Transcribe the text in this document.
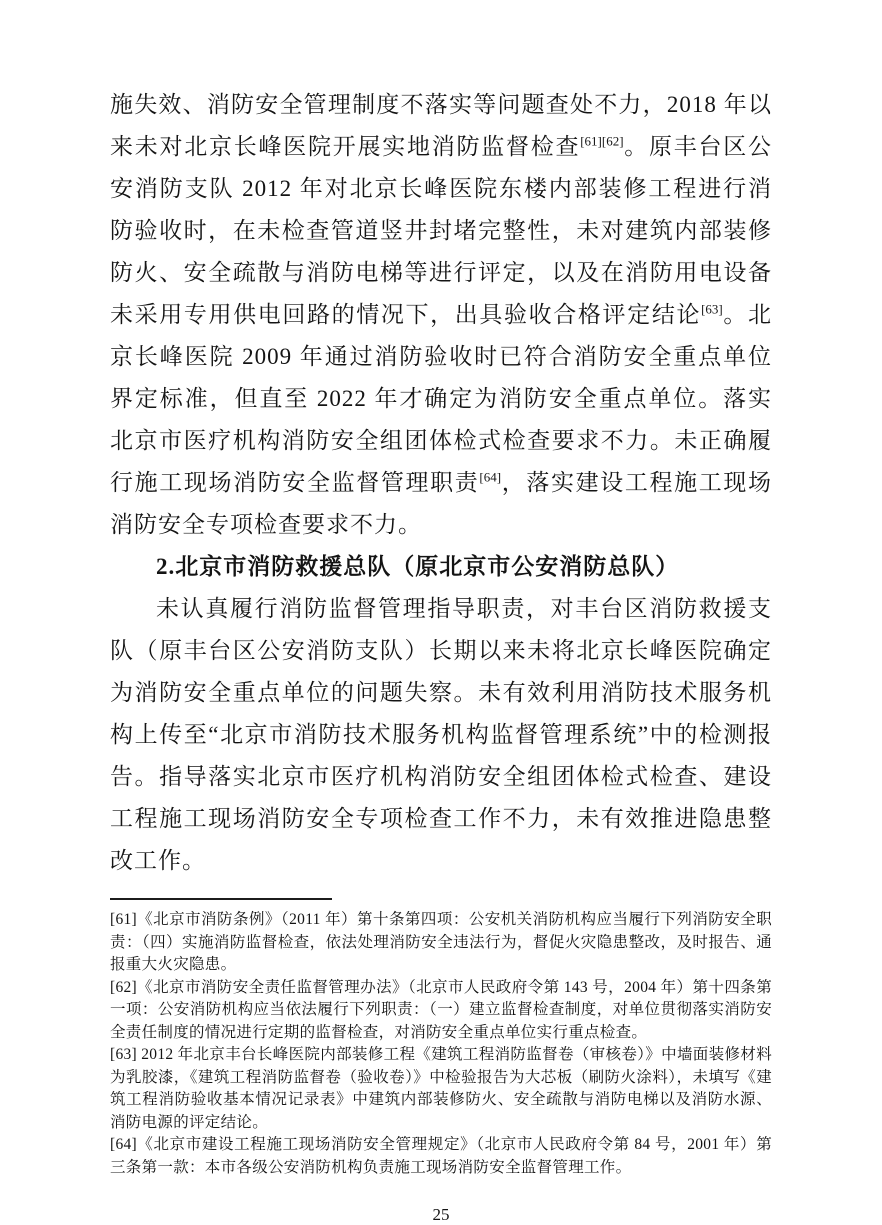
施失效、消防安全管理制度不落实等问题查处不力，2018 年以来未对北京长峰医院开展实地消防监督检查[61][62]。原丰台区公安消防支队 2012 年对北京长峰医院东楼内部装修工程进行消防验收时，在未检查管道竖井封堵完整性，未对建筑内部装修防火、安全疏散与消防电梯等进行评定，以及在消防用电设备未采用专用供电回路的情况下，出具验收合格评定结论[63]。北京长峰医院 2009 年通过消防验收时已符合消防安全重点单位界定标准，但直至 2022 年才确定为消防安全重点单位。落实北京市医疗机构消防安全组团体检式检查要求不力。未正确履行施工现场消防安全监督管理职责[64]，落实建设工程施工现场消防安全专项检查要求不力。

2.北京市消防救援总队（原北京市公安消防总队）

未认真履行消防监督管理指导职责，对丰台区消防救援支队（原丰台区公安消防支队）长期以来未将北京长峰医院确定为消防安全重点单位的问题失察。未有效利用消防技术服务机构上传至“北京市消防技术服务机构监督管理系统”中的检测报告。指导落实北京市医疗机构消防安全组团体检式检查、建设工程施工现场消防安全专项检查工作不力，未有效推进隐患整改工作。

[61]《北京市消防条例》（2011 年）第十条第四项：公安机关消防机构应当履行下列消防安全职责：（四）实施消防监督检查，依法处理消防安全违法行为，督促火灾隐患整改，及时报告、通报重大火灾隐患。

[62]《北京市消防安全责任监督管理办法》（北京市人民政府令第 143 号，2004 年）第十四条第一项：公安消防机构应当依法履行下列职责：（一）建立监督检查制度，对单位贯彻落实消防安全责任制度的情况进行定期的监督检查，对消防安全重点单位实行重点检查。

[63] 2012 年北京丰台长峰医院内部装修工程《建筑工程消防监督卷（审核卷）》中墙面装修材料为乳胶漆，《建筑工程消防监督卷（验收卷）》中检验报告为大芯板（刷防火涂料），未填写《建筑工程消防验收基本情况记录表》中建筑内部装修防火、安全疏散与消防电梯以及消防水源、消防电源的评定结论。

[64]《北京市建设工程施工现场消防安全管理规定》（北京市人民政府令第 84 号，2001 年）第三条第一款：本市各级公安消防机构负责施工现场消防安全监督管理工作。

25
